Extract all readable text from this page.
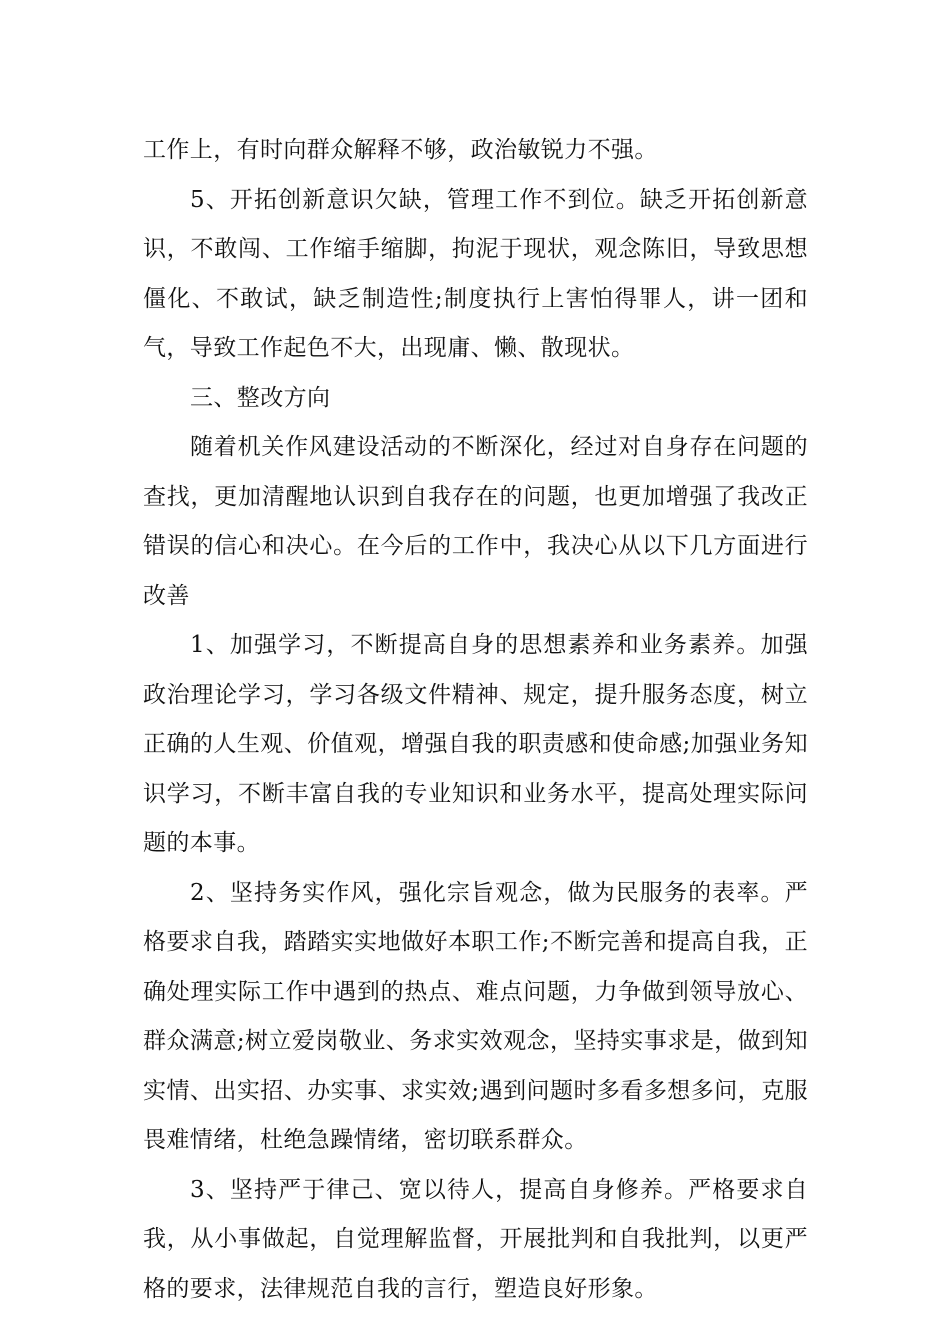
工作上，有时向群众解释不够，政治敏锐力不强。

5、开拓创新意识欠缺，管理工作不到位。缺乏开拓创新意识，不敢闯、工作缩手缩脚，拘泥于现状，观念陈旧，导致思想僵化、不敢试，缺乏制造性;制度执行上害怕得罪人，讲一团和气，导致工作起色不大，出现庸、懒、散现状。

三、整改方向

随着机关作风建设活动的不断深化，经过对自身存在问题的查找，更加清醒地认识到自我存在的问题，也更加增强了我改正错误的信心和决心。在今后的工作中，我决心从以下几方面进行改善

1、加强学习，不断提高自身的思想素养和业务素养。加强政治理论学习，学习各级文件精神、规定，提升服务态度，树立正确的人生观、价值观，增强自我的职责感和使命感;加强业务知识学习，不断丰富自我的专业知识和业务水平，提高处理实际问题的本事。

2、坚持务实作风，强化宗旨观念，做为民服务的表率。严格要求自我，踏踏实实地做好本职工作;不断完善和提高自我，正确处理实际工作中遇到的热点、难点问题，力争做到领导放心、群众满意;树立爱岗敬业、务求实效观念，坚持实事求是，做到知实情、出实招、办实事、求实效;遇到问题时多看多想多问，克服畏难情绪，杜绝急躁情绪，密切联系群众。

3、坚持严于律己、宽以待人，提高自身修养。严格要求自我，从小事做起，自觉理解监督，开展批判和自我批判，以更严格的要求，法律规范自我的言行，塑造良好形象。
